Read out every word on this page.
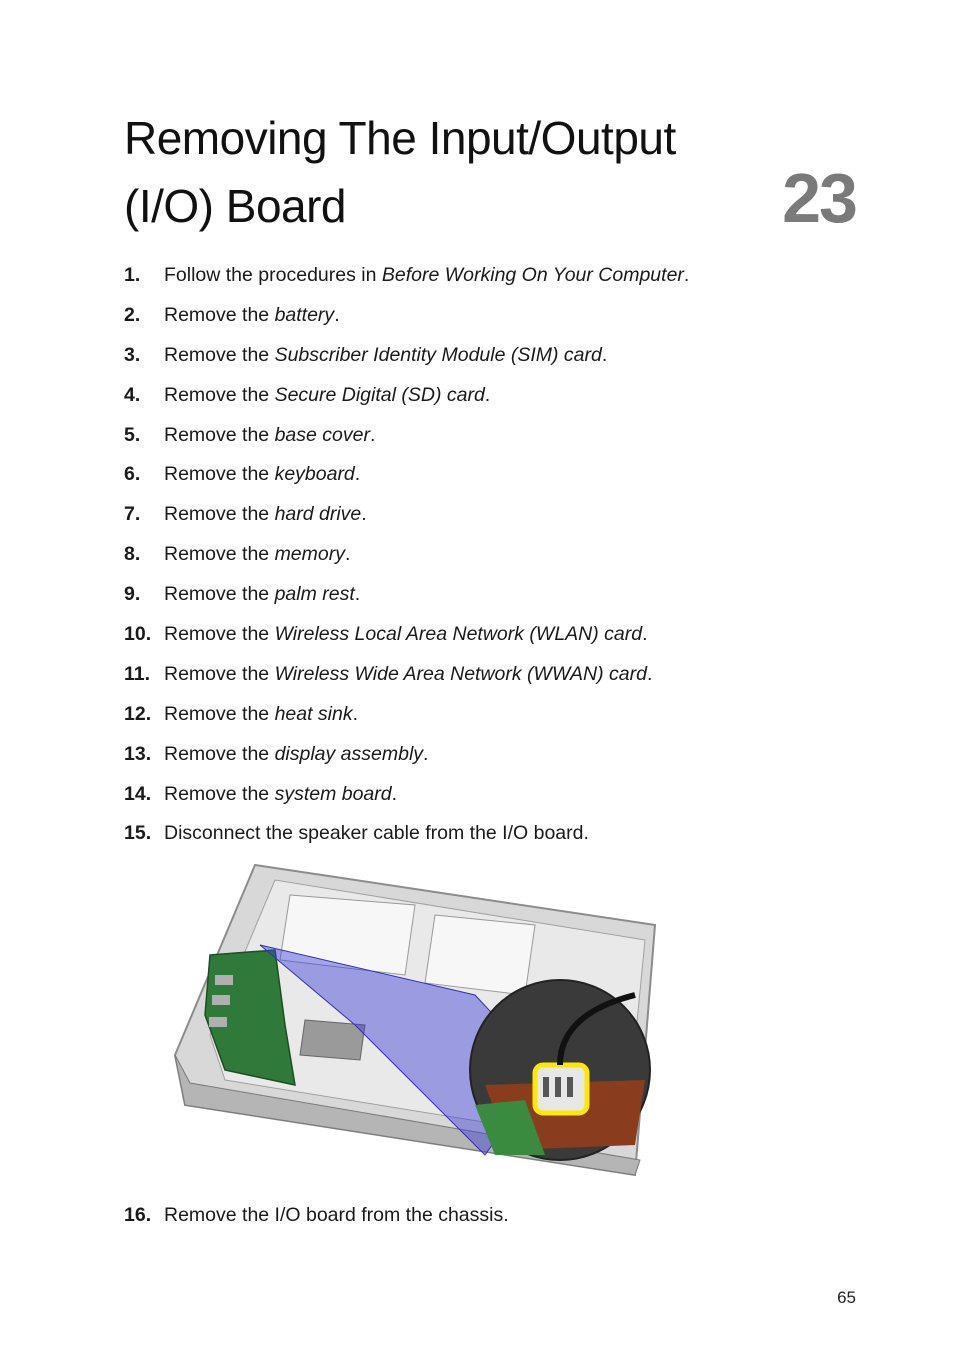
Removing The Input/Output (I/O) Board	23
1.	Follow the procedures in Before Working On Your Computer.
2.	Remove the battery.
3.	Remove the Subscriber Identity Module (SIM) card.
4.	Remove the Secure Digital (SD) card.
5.	Remove the base cover.
6.	Remove the keyboard.
7.	Remove the hard drive.
8.	Remove the memory.
9.	Remove the palm rest.
10. Remove the Wireless Local Area Network (WLAN) card.
11. Remove the Wireless Wide Area Network (WWAN) card.
12. Remove the heat sink.
13. Remove the display assembly.
14. Remove the system board.
15. Disconnect the speaker cable from the I/O board.
16. Remove the I/O board from the chassis.
65
